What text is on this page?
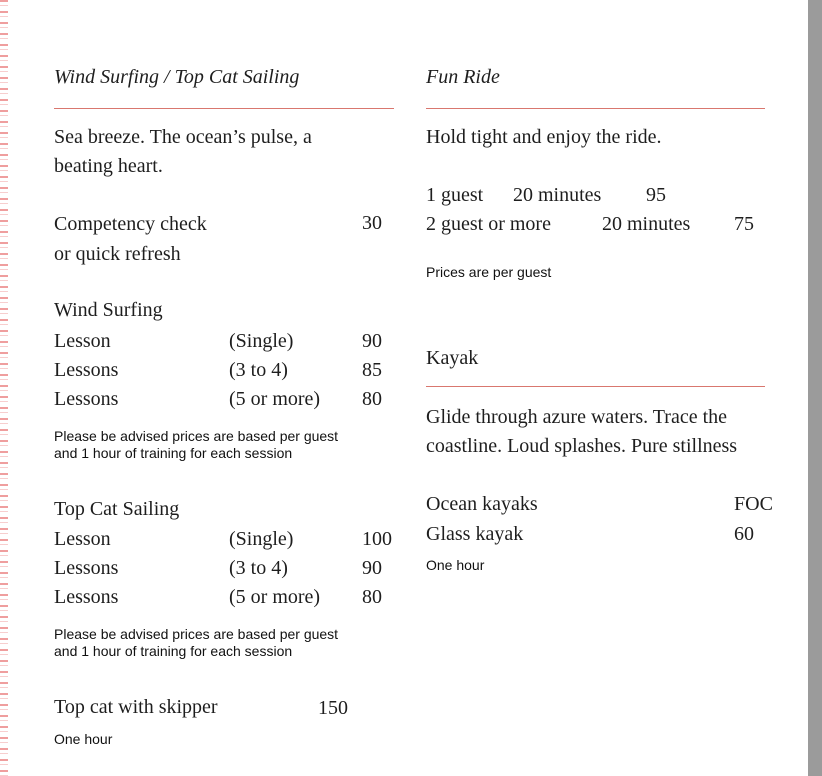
Wind Surfing / Top Cat Sailing
Sea breeze. The ocean’s pulse, a
beating heart.
Competency check
or quick refresh
30
Wind Surfing
Lesson	(Single)	90
Lessons	(3 to 4)	85
Lessons	(5 or more) 80
Please be advised prices are based per guest
and 1 hour of training for each session
Top Cat Sailing
Lesson	(Single)	100
Lessons	(3 to 4)	90
Lessons	(5 or more) 80
Please be advised prices are based per guest
and 1 hour of training for each session
Top cat with skipper	150
One hour
Fun Ride
Hold tight and enjoy the ride.
1 guest 20 minutes 95
2 guest or more	20 minutes 75
Prices are per guest
Kayak
Glide through azure waters. Trace the
coastline. Loud splashes. Pure stillness
Ocean kayaks	FOC
Glass kayak	60
One hour
